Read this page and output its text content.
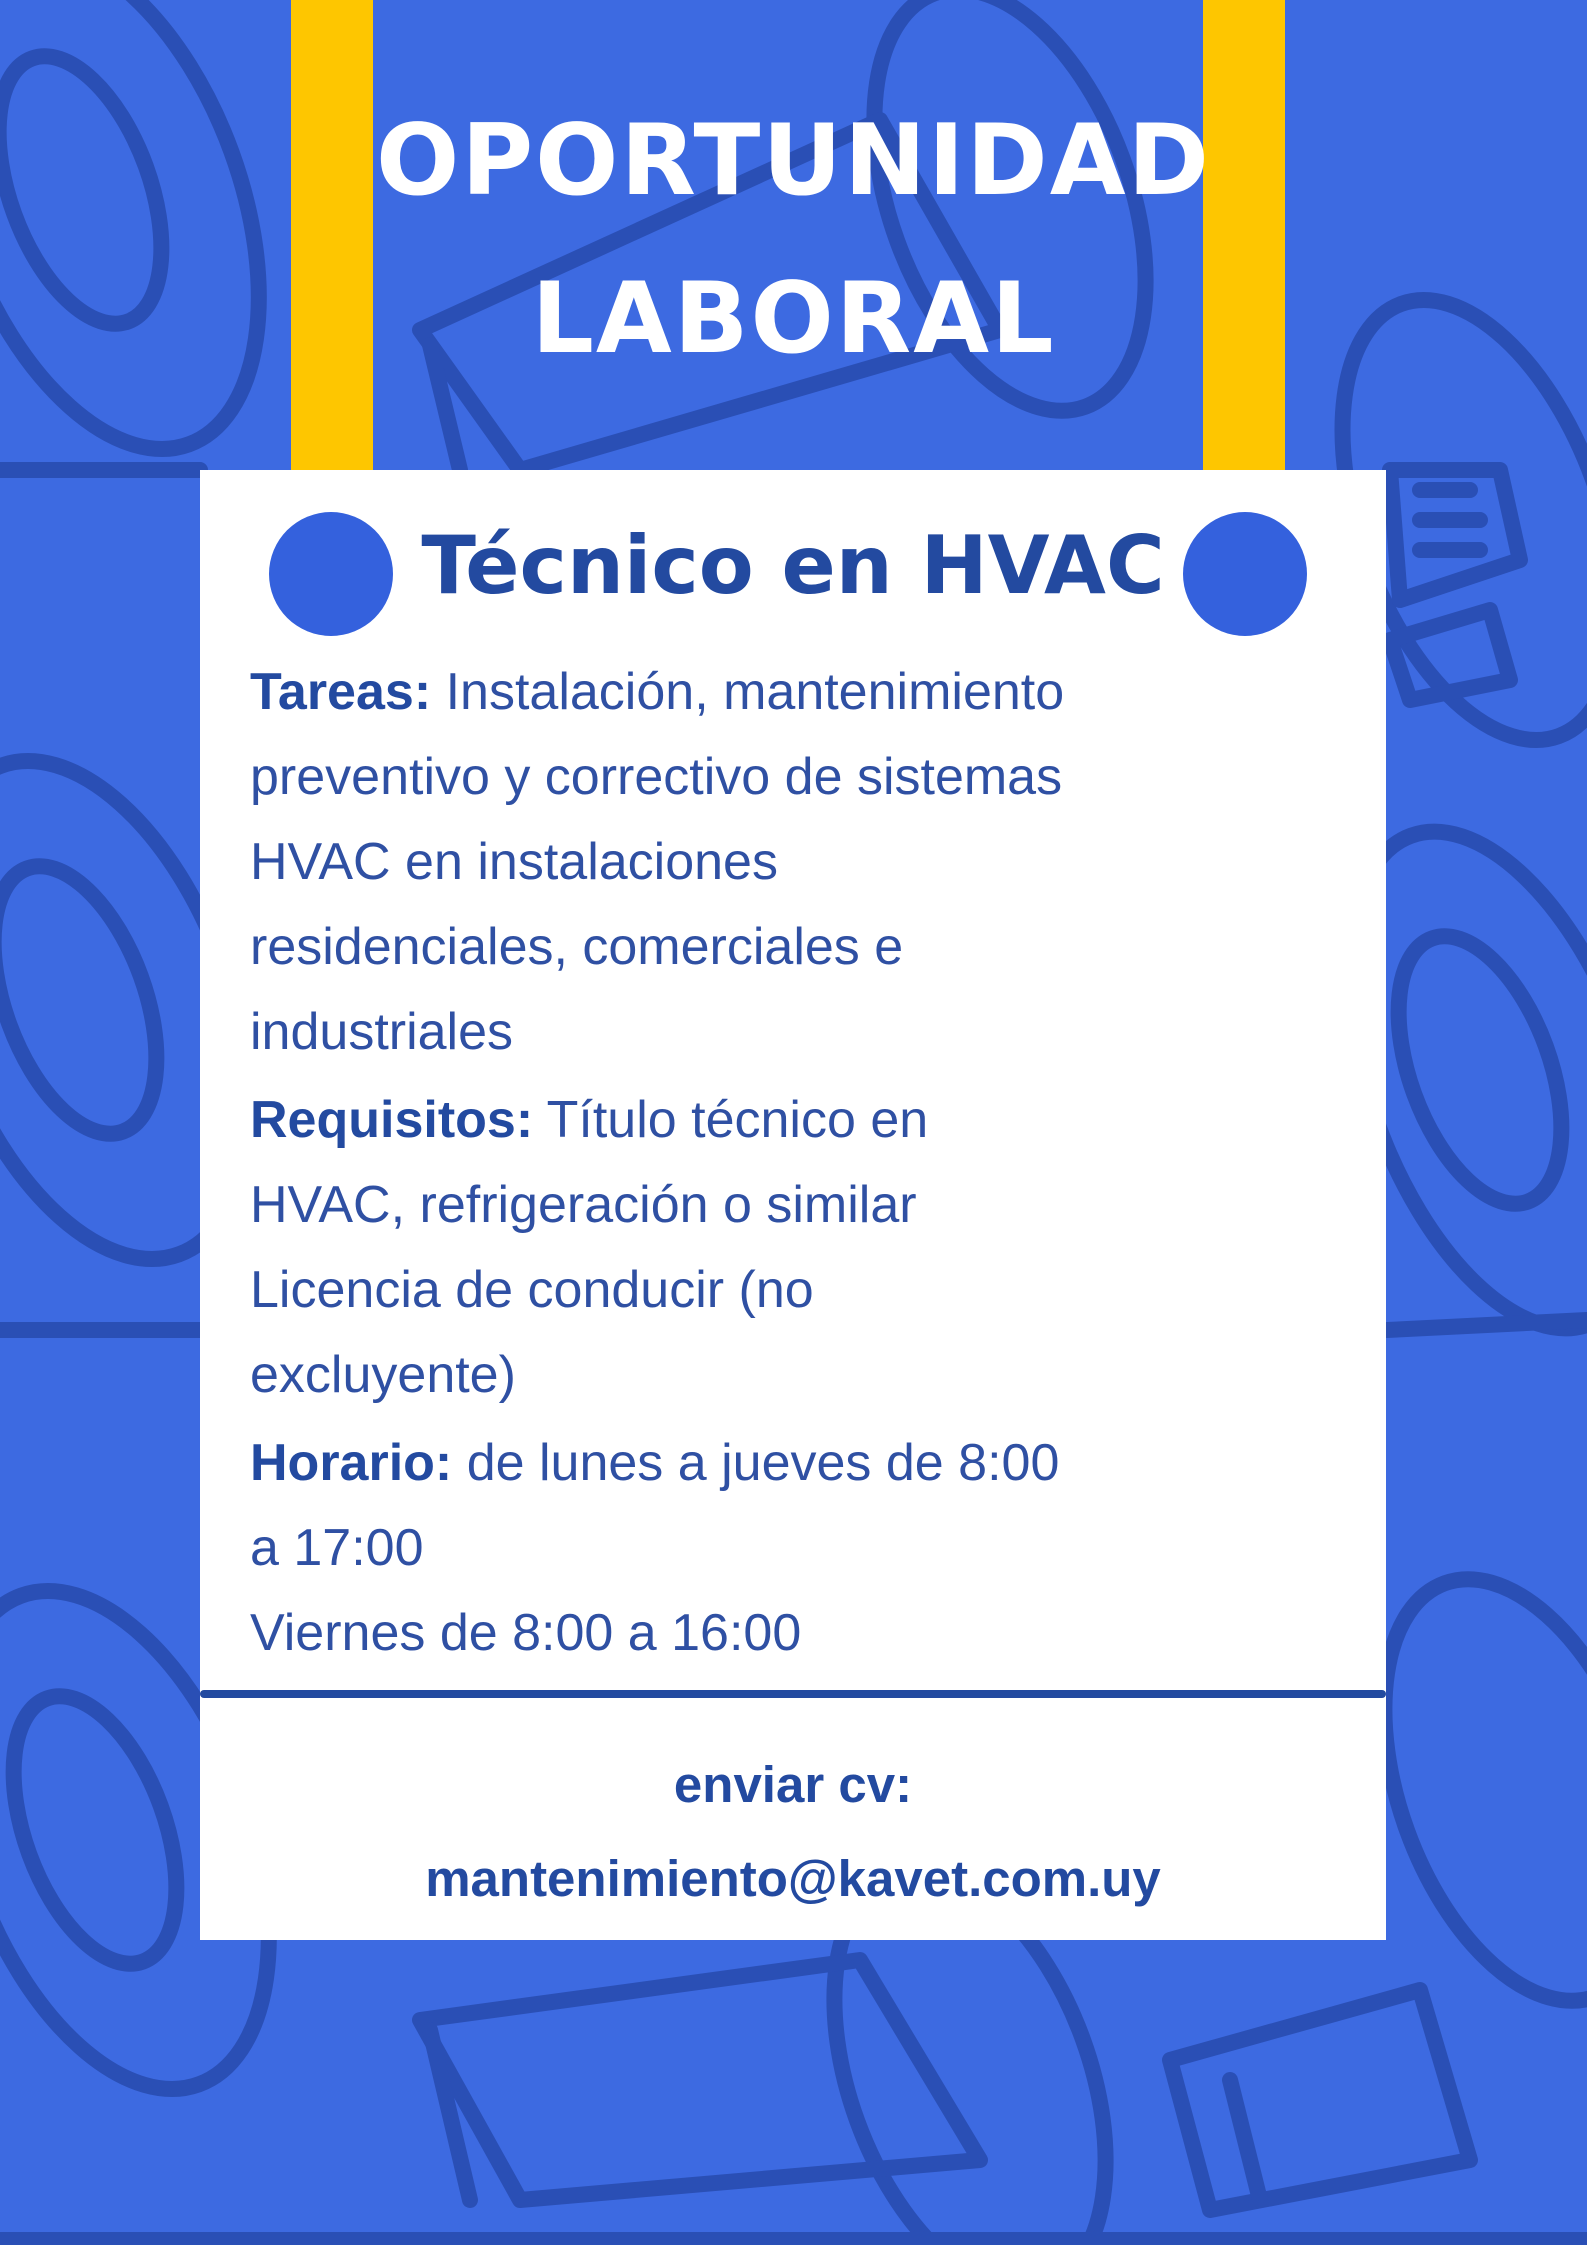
OPORTUNIDAD
LABORAL
Técnico en HVAC
Tareas: Instalación, mantenimiento
preventivo y correctivo de sistemas
HVAC en instalaciones
residenciales, comerciales e
industriales
Requisitos: Título técnico en
HVAC, refrigeración o similar
Licencia de conducir (no
excluyente)
Horario: de lunes a jueves de 8:00
a 17:00
Viernes de 8:00 a 16:00
enviar cv:
mantenimiento@kavet.com.uy
